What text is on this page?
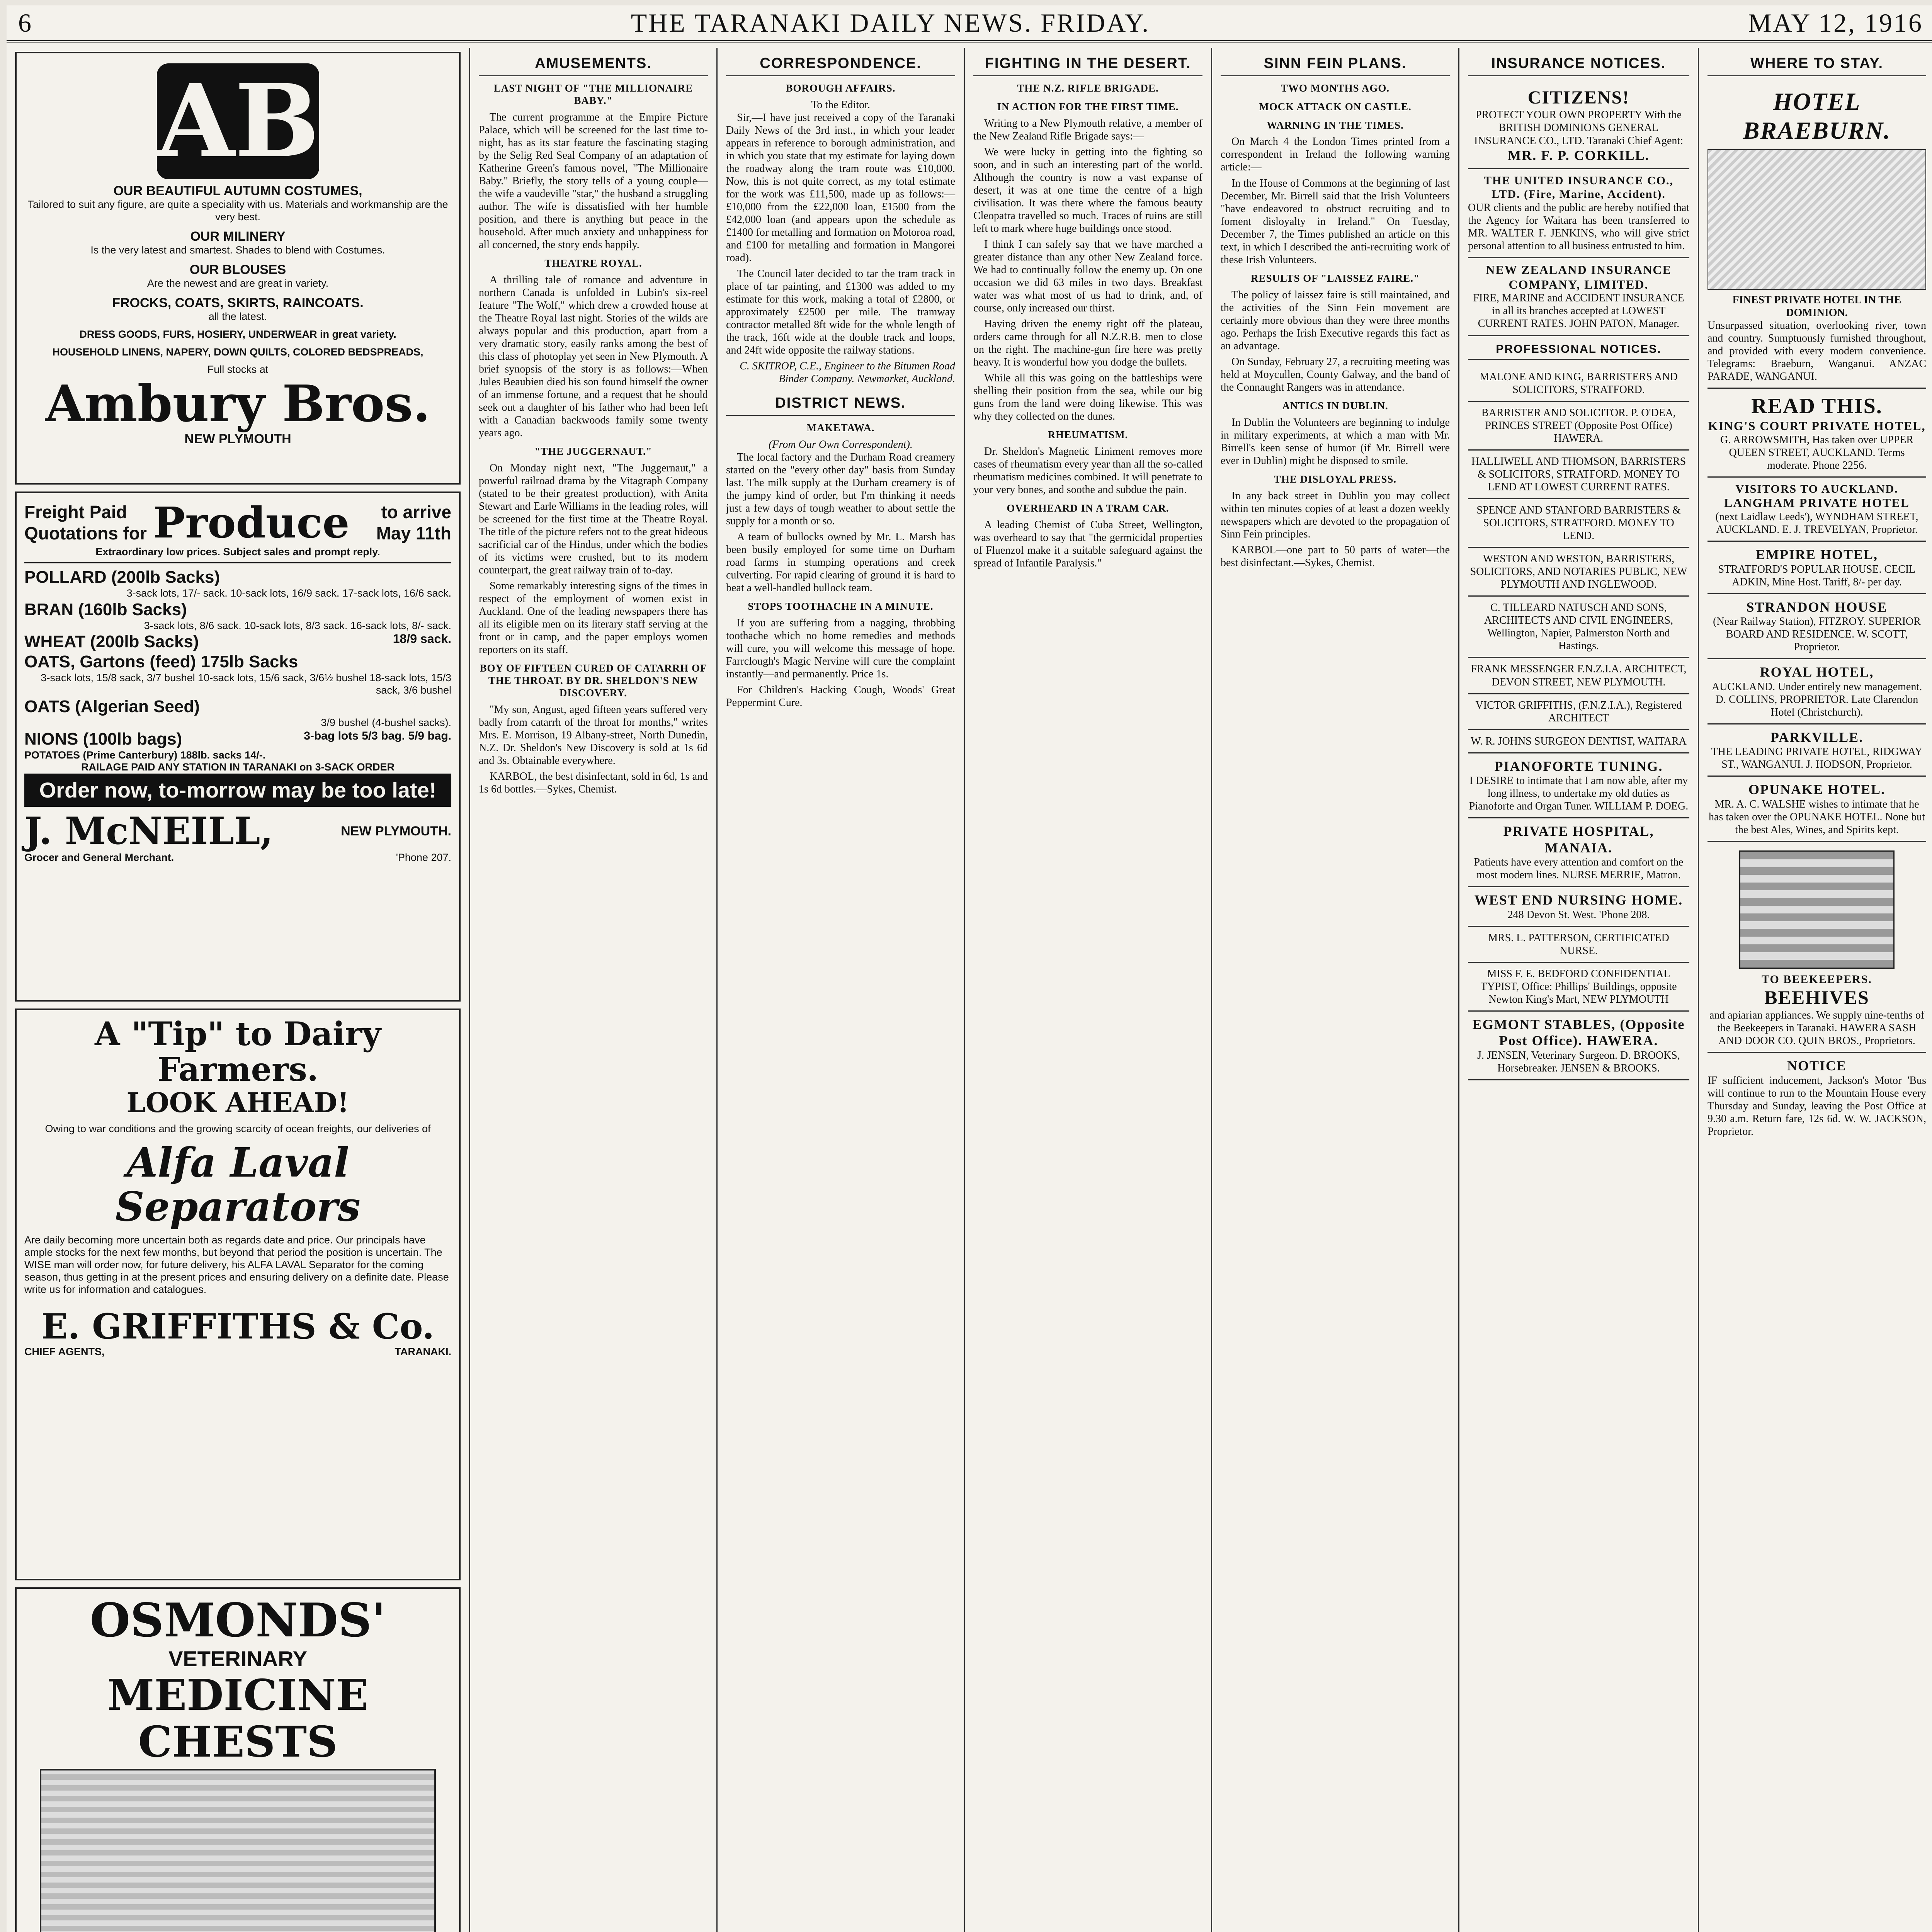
6	THE TARANAKI DAILY NEWS. FRIDAY.	MAY 12, 1916
AB
OUR BEAUTIFUL AUTUMN COSTUMES,
Tailored to suit any figure, are quite a speciality with us. Materials and workmanship are the very best.
OUR MILINERY
Is the very latest and smartest. Shades to blend with Costumes.
OUR BLOUSES
Are the newest and are great in variety.
FROCKS, COATS, SKIRTS, RAINCOATS.
all the latest.
DRESS GOODS, FURS, HOSIERY, UNDERWEAR in great variety.
HOUSEHOLD LINENS, NAPERY, DOWN QUILTS, COLORED BEDSPREADS,
Full stocks at
Ambury Bros.
NEW PLYMOUTH
Freight Paid Quotations for Produce	to arrive May 11th
Extraordinary low prices. Subject sales and prompt reply.
POLLARD (200lb Sacks)
3-sack lots, 17/- sack. 10-sack lots, 16/9 sack. 17-sack lots, 16/6 sack.
BRAN (160lb Sacks)
3-sack lots, 8/6 sack. 10-sack lots, 8/3 sack. 16-sack lots, 8/- sack.
WHEAT (200lb Sacks)	18/9 sack.
OATS, Gartons (feed) 175lb Sacks
3-sack lots, 15/8 sack, 3/7 bushel 10-sack lots, 15/6 sack, 3/6½ bushel 18-sack lots, 15/3 sack, 3/6 bushel
OATS (Algerian Seed)
3/9 bushel (4-bushel sacks).
NIONS (100lb bags)	3-bag lots 5/3 bag. 5/9 bag.
POTATOES (Prime Canterbury) 188lb. sacks 14/-.
RAILAGE PAID ANY STATION IN TARANAKI on 3-SACK ORDER
Order now, to-morrow may be too late!
J. McNEILL,	NEW PLYMOUTH.
Grocer and General Merchant.	'Phone 207.
A "Tip" to Dairy Farmers.
LOOK AHEAD!
Owing to war conditions and the growing scarcity of ocean freights, our deliveries of
Alfa Laval Separators
Are daily becoming more uncertain both as regards date and price. Our principals have ample stocks for the next few months, but beyond that period the position is uncertain. The WISE man will order now, for future delivery, his ALFA LAVAL Separator for the coming season, thus getting in at the present prices and ensuring delivery on a definite date. Please write us for information and catalogues.
E. GRIFFITHS & Co.
CHIEF AGENTS,	TARANAKI.
OSMONDS'
VETERINARY
MEDICINE
CHESTS
AMUSEMENTS.
LAST NIGHT OF "THE MILLIONAIRE BABY."

The current programme at the Empire Picture Palace, which will be screened for the last time to-night, has as its star feature the fascinating staging by the Selig Red Seal Company of an adaptation of Katherine Green's famous novel, "The Millionaire Baby." Briefly, the story tells of a young couple—the wife a vaudeville "star," the husband a struggling author. The wife is dissatisfied with her humble position, and there is anything but peace in the household. After much anxiety and unhappiness for all concerned, the story ends happily.

THEATRE ROYAL.

A thrilling tale of romance and adventure in northern Canada is unfolded in Lubin's six-reel feature "The Wolf," which drew a crowded house at the Theatre Royal last night. Stories of the wilds are always popular and this production, apart from a very dramatic story, easily ranks among the best of this class of photoplay yet seen in New Plymouth. A brief synopsis of the story is as follows:—When Jules Beaubien died his son found himself the owner of an immense fortune, and a request that he should seek out a daughter of his father who had been left with a Canadian backwoods family some twenty years ago.

"THE JUGGERNAUT."

On Monday night next, "The Juggernaut," a powerful railroad drama by the Vitagraph Company (stated to be their greatest production), with Anita Stewart and Earle Williams in the leading roles, will be screened for the first time at the Theatre Royal. The title of the picture refers not to the great hideous sacrificial car of the Hindus, under which the bodies of its victims were crushed, but to its modern counterpart, the great railway train of to-day.

Some remarkably interesting signs of the times in respect of the employment of women exist in Auckland. One of the leading newspapers there has all its eligible men on its literary staff serving at the front or in camp, and the paper employs women reporters on its staff.

BOY OF FIFTEEN CURED OF CATARRH OF THE THROAT. BY DR. SHELDON'S NEW DISCOVERY.

"My son, Angust, aged fifteen years suffered very badly from catarrh of the throat for months," writes Mrs. E. Morrison, 19 Albany-street, North Dunedin, N.Z. Dr. Sheldon's New Discovery is sold at 1s 6d and 3s. Obtainable everywhere.

KARBOL, the best disinfectant, sold in 6d, 1s and 1s 6d bottles.—Sykes, Chemist.

CORRESPONDENCE.
BOROUGH AFFAIRS.
To the Editor.

Sir,—I have just received a copy of the Taranaki Daily News of the 3rd inst., in which your leader appears in reference to borough administration, and in which you state that my estimate for laying down the roadway along the tram route was £10,000. Now, this is not quite correct, as my total estimate for the work was £11,500, made up as follows:—£10,000 from the £22,000 loan, £1500 from the £42,000 loan (and appears upon the schedule as £1400 for metalling and formation on Motoroa road, and £100 for metalling and formation in Mangorei road).

The Council later decided to tar the tram track in place of tar painting, and £1300 was added to my estimate for this work, making a total of £2800, or approximately £2500 per mile. The tramway contractor metalled 8ft wide for the whole length of the track, 16ft wide at the double track and loops, and 24ft wide opposite the railway stations.

C. SKITROP, C.E., Engineer to the Bitumen Road Binder Company. Newmarket, Auckland.
DISTRICT NEWS.
MAKETAWA.
(From Our Own Correspondent).

The local factory and the Durham Road creamery started on the "every other day" basis from Sunday last. The milk supply at the Durham creamery is of the jumpy kind of order, but I'm thinking it needs just a few days of tough weather to about settle the supply for a month or so.

A team of bullocks owned by Mr. L. Marsh has been busily employed for some time on Durham road farms in stumping operations and creek culverting. For rapid clearing of ground it is hard to beat a well-handled bullock team.

STOPS TOOTHACHE IN A MINUTE.

If you are suffering from a nagging, throbbing toothache which no home remedies and methods will cure, you will welcome this message of hope. Farrclough's Magic Nervine will cure the complaint instantly—and permanently. Price 1s.

For Children's Hacking Cough, Woods' Great Peppermint Cure.

FIGHTING IN THE DESERT.
THE N.Z. RIFLE BRIGADE.
IN ACTION FOR THE FIRST TIME.

Writing to a New Plymouth relative, a member of the New Zealand Rifle Brigade says:—

We were lucky in getting into the fighting so soon, and in such an interesting part of the world. Although the country is now a vast expanse of desert, it was at one time the centre of a high civilisation. It was there where the famous beauty Cleopatra travelled so much. Traces of ruins are still left to mark where huge buildings once stood.

I think I can safely say that we have marched a greater distance than any other New Zealand force. We had to continually follow the enemy up. On one occasion we did 63 miles in two days. Breakfast water was what most of us had to drink, and, of course, only increased our thirst.

Having driven the enemy right off the plateau, orders came through for all N.Z.R.B. men to close on the right. The machine-gun fire here was pretty heavy. It is wonderful how you dodge the bullets.

While all this was going on the battleships were shelling their position from the sea, while our big guns from the land were doing likewise. This was why they collected on the dunes.

RHEUMATISM.

Dr. Sheldon's Magnetic Liniment removes more cases of rheumatism every year than all the so-called rheumatism medicines combined. It will penetrate to your very bones, and soothe and subdue the pain.

OVERHEARD IN A TRAM CAR.

A leading Chemist of Cuba Street, Wellington, was overheard to say that "the germicidal properties of Fluenzol make it a suitable safeguard against the spread of Infantile Paralysis."

SINN FEIN PLANS.
TWO MONTHS AGO.
MOCK ATTACK ON CASTLE.
WARNING IN THE TIMES.

On March 4 the London Times printed from a correspondent in Ireland the following warning article:—

In the House of Commons at the beginning of last December, Mr. Birrell said that the Irish Volunteers "have endeavored to obstruct recruiting and to foment disloyalty in Ireland." On Tuesday, December 7, the Times published an article on this text, in which I described the anti-recruiting work of these Irish Volunteers.

RESULTS OF "LAISSEZ FAIRE."

The policy of laissez faire is still maintained, and the activities of the Sinn Fein movement are certainly more obvious than they were three months ago. Perhaps the Irish Executive regards this fact as an advantage.

On Sunday, February 27, a recruiting meeting was held at Moycullen, County Galway, and the band of the Connaught Rangers was in attendance.

ANTICS IN DUBLIN.

In Dublin the Volunteers are beginning to indulge in military experiments, at which a man with Mr. Birrell's keen sense of humor (if Mr. Birrell were ever in Dublin) might be disposed to smile.

THE DISLOYAL PRESS.

In any back street in Dublin you may collect within ten minutes copies of at least a dozen weekly newspapers which are devoted to the propagation of Sinn Fein principles.

KARBOL—one part to 50 parts of water—the best disinfectant.—Sykes, Chemist.

INSURANCE NOTICES.
CITIZENS!
PROTECT YOUR OWN PROPERTY With the BRITISH DOMINIONS GENERAL INSURANCE CO., LTD. Taranaki Chief Agent:
MR. F. P. CORKILL.
THE UNITED INSURANCE CO., LTD. (Fire, Marine, Accident).
OUR clients and the public are hereby notified that the Agency for Waitara has been transferred to MR. WALTER F. JENKINS, who will give strict personal attention to all business entrusted to him.
NEW ZEALAND INSURANCE COMPANY, LIMITED.
FIRE, MARINE and ACCIDENT INSURANCE in all its branches accepted at LOWEST CURRENT RATES. JOHN PATON, Manager.
PROFESSIONAL NOTICES.
MALONE AND KING, BARRISTERS AND SOLICITORS, STRATFORD.
BARRISTER AND SOLICITOR. P. O'DEA, PRINCES STREET (Opposite Post Office) HAWERA.
HALLIWELL AND THOMSON, BARRISTERS & SOLICITORS, STRATFORD. MONEY TO LEND AT LOWEST CURRENT RATES.
SPENCE AND STANFORD BARRISTERS & SOLICITORS, STRATFORD. MONEY TO LEND.
WESTON AND WESTON, BARRISTERS, SOLICITORS, AND NOTARIES PUBLIC, NEW PLYMOUTH AND INGLEWOOD.
C. TILLEARD NATUSCH AND SONS, ARCHITECTS AND CIVIL ENGINEERS, Wellington, Napier, Palmerston North and Hastings.
FRANK MESSENGER F.N.Z.I.A. ARCHITECT, DEVON STREET, NEW PLYMOUTH.
VICTOR GRIFFITHS, (F.N.Z.I.A.), Registered ARCHITECT
W. R. JOHNS SURGEON DENTIST, WAITARA
PIANOFORTE TUNING.
I DESIRE to intimate that I am now able, after my long illness, to undertake my old duties as Pianoforte and Organ Tuner. WILLIAM P. DOEG.
PRIVATE HOSPITAL, MANAIA.
Patients have every attention and comfort on the most modern lines. NURSE MERRIE, Matron.
WEST END NURSING HOME.
248 Devon St. West. 'Phone 208.
MRS. L. PATTERSON, CERTIFICATED NURSE.
MISS F. E. BEDFORD CONFIDENTIAL TYPIST, Office: Phillips' Buildings, opposite Newton King's Mart, NEW PLYMOUTH
EGMONT STABLES, (Opposite Post Office). HAWERA.
J. JENSEN, Veterinary Surgeon. D. BROOKS, Horsebreaker. JENSEN & BROOKS.
WHERE TO STAY.
HOTEL BRAEBURN.
FINEST PRIVATE HOTEL IN THE DOMINION.
Unsurpassed situation, overlooking river, town and country. Sumptuously furnished throughout, and provided with every modern convenience. Telegrams: Braeburn, Wanganui. ANZAC PARADE, WANGANUI.
READ THIS.
KING'S COURT PRIVATE HOTEL,
G. ARROWSMITH, Has taken over UPPER QUEEN STREET, AUCKLAND. Terms moderate. Phone 2256.
VISITORS TO AUCKLAND.
LANGHAM PRIVATE HOTEL
(next Laidlaw Leeds'), WYNDHAM STREET, AUCKLAND. E. J. TREVELYAN, Proprietor.
EMPIRE HOTEL,
STRATFORD'S POPULAR HOUSE. CECIL ADKIN, Mine Host. Tariff, 8/- per day.
STRANDON HOUSE
(Near Railway Station), FITZROY. SUPERIOR BOARD AND RESIDENCE. W. SCOTT, Proprietor.
ROYAL HOTEL,
AUCKLAND. Under entirely new management. D. COLLINS, PROPRIETOR. Late Clarendon Hotel (Christchurch).
PARKVILLE.
THE LEADING PRIVATE HOTEL, RIDGWAY ST., WANGANUI. J. HODSON, Proprietor.
OPUNAKE HOTEL.
MR. A. C. WALSHE wishes to intimate that he has taken over the OPUNAKE HOTEL. None but the best Ales, Wines, and Spirits kept.
TO BEEKEEPERS.
BEEHIVES
and apiarian appliances. We supply nine-tenths of the Beekeepers in Taranaki. HAWERA SASH AND DOOR CO. QUIN BROS., Proprietors.
NOTICE
IF sufficient inducement, Jackson's Motor 'Bus will continue to run to the Mountain House every Thursday and Sunday, leaving the Post Office at 9.30 a.m. Return fare, 12s 6d. W. W. JACKSON, Proprietor.
